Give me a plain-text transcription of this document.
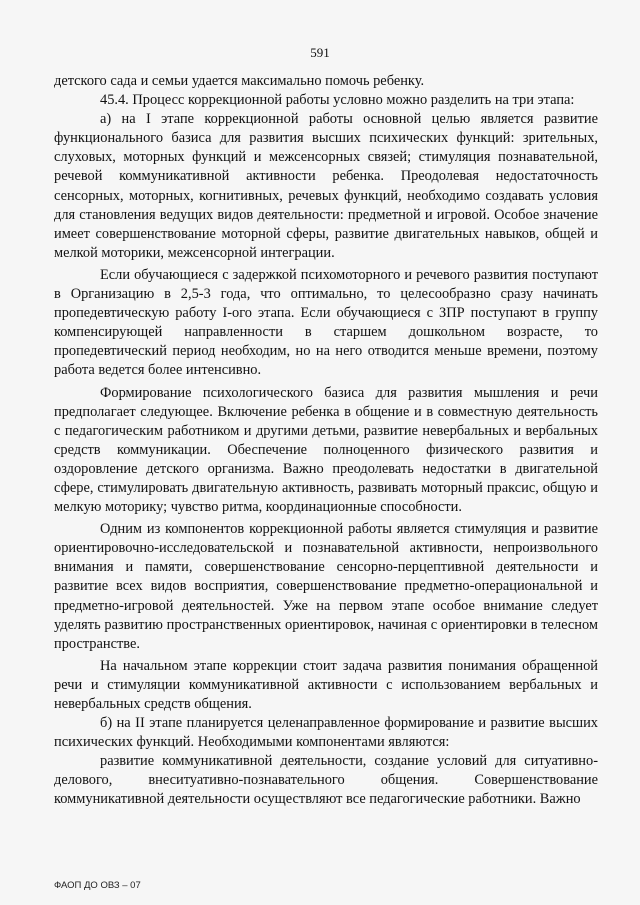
591

детского сада и семьи удается максимально помочь ребенку.

45.4. Процесс коррекционной работы условно можно разделить на три этапа:

а) на I этапе коррекционной работы основной целью является развитие функционального базиса для развития высших психических функций: зрительных, слуховых, моторных функций и межсенсорных связей; стимуляция познавательной, речевой коммуникативной активности ребенка. Преодолевая недостаточность сенсорных, моторных, когнитивных, речевых функций, необходимо создавать условия для становления ведущих видов деятельности: предметной и игровой. Особое значение имеет совершенствование моторной сферы, развитие двигательных навыков, общей и мелкой моторики, межсенсорной интеграции.

Если обучающиеся с задержкой психомоторного и речевого развития поступают в Организацию в 2,5-3 года, что оптимально, то целесообразно сразу начинать пропедевтическую работу I-ого этапа. Если обучающиеся с ЗПР поступают в группу компенсирующей направленности в старшем дошкольном возрасте, то пропедевтический период необходим, но на него отводится меньше времени, поэтому работа ведется более интенсивно.

Формирование психологического базиса для развития мышления и речи предполагает следующее. Включение ребенка в общение и в совместную деятельность с педагогическим работником и другими детьми, развитие невербальных и вербальных средств коммуникации. Обеспечение полноценного физического развития и оздоровление детского организма. Важно преодолевать недостатки в двигательной сфере, стимулировать двигательную активность, развивать моторный праксис, общую и мелкую моторику; чувство ритма, координационные способности.

Одним из компонентов коррекционной работы является стимуляция и развитие ориентировочно-исследовательской и познавательной активности, непроизвольного внимания и памяти, совершенствование сенсорно-перцептивной деятельности и развитие всех видов восприятия, совершенствование предметно-операциональной и предметно-игровой деятельностей. Уже на первом этапе особое внимание следует уделять развитию пространственных ориентировок, начиная с ориентировки в телесном пространстве.

На начальном этапе коррекции стоит задача развития понимания обращенной речи и стимуляции коммуникативной активности с использованием вербальных и невербальных средств общения.

б) на II этапе планируется целенаправленное формирование и развитие высших психических функций. Необходимыми компонентами являются:

развитие коммуникативной деятельности, создание условий для ситуативно-делового, внеситуативно-познавательного общения. Совершенствование коммуникативной деятельности осуществляют все педагогические работники. Важно

ФАОП ДО ОВЗ – 07
